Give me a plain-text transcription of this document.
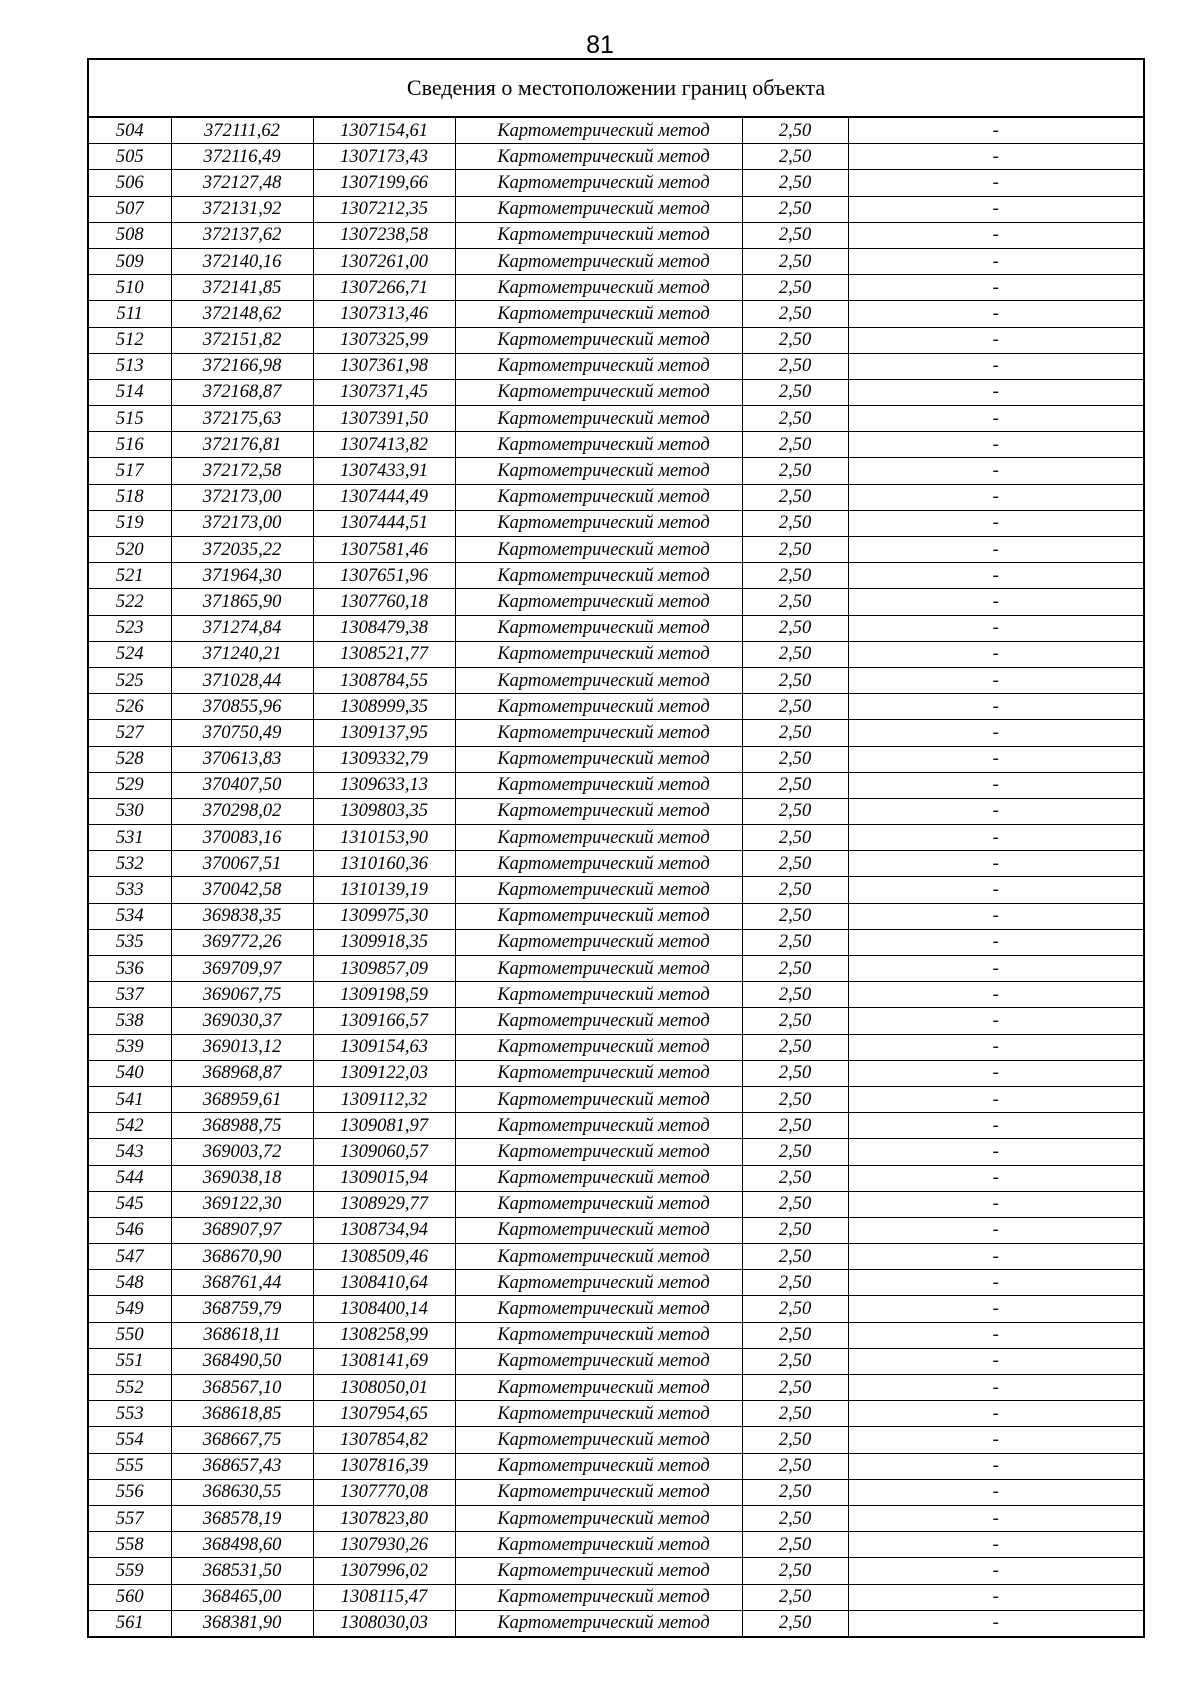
81
Сведения о местоположении границ объекта
504	372111,62	1307154,61	Картометрический метод	2,50	-
505	372116,49	1307173,43	Картометрический метод	2,50	-
506	372127,48	1307199,66	Картометрический метод	2,50	-
507	372131,92	1307212,35	Картометрический метод	2,50	-
508	372137,62	1307238,58	Картометрический метод	2,50	-
509	372140,16	1307261,00	Картометрический метод	2,50	-
510	372141,85	1307266,71	Картометрический метод	2,50	-
511	372148,62	1307313,46	Картометрический метод	2,50	-
512	372151,82	1307325,99	Картометрический метод	2,50	-
513	372166,98	1307361,98	Картометрический метод	2,50	-
514	372168,87	1307371,45	Картометрический метод	2,50	-
515	372175,63	1307391,50	Картометрический метод	2,50	-
516	372176,81	1307413,82	Картометрический метод	2,50	-
517	372172,58	1307433,91	Картометрический метод	2,50	-
518	372173,00	1307444,49	Картометрический метод	2,50	-
519	372173,00	1307444,51	Картометрический метод	2,50	-
520	372035,22	1307581,46	Картометрический метод	2,50	-
521	371964,30	1307651,96	Картометрический метод	2,50	-
522	371865,90	1307760,18	Картометрический метод	2,50	-
523	371274,84	1308479,38	Картометрический метод	2,50	-
524	371240,21	1308521,77	Картометрический метод	2,50	-
525	371028,44	1308784,55	Картометрический метод	2,50	-
526	370855,96	1308999,35	Картометрический метод	2,50	-
527	370750,49	1309137,95	Картометрический метод	2,50	-
528	370613,83	1309332,79	Картометрический метод	2,50	-
529	370407,50	1309633,13	Картометрический метод	2,50	-
530	370298,02	1309803,35	Картометрический метод	2,50	-
531	370083,16	1310153,90	Картометрический метод	2,50	-
532	370067,51	1310160,36	Картометрический метод	2,50	-
533	370042,58	1310139,19	Картометрический метод	2,50	-
534	369838,35	1309975,30	Картометрический метод	2,50	-
535	369772,26	1309918,35	Картометрический метод	2,50	-
536	369709,97	1309857,09	Картометрический метод	2,50	-
537	369067,75	1309198,59	Картометрический метод	2,50	-
538	369030,37	1309166,57	Картометрический метод	2,50	-
539	369013,12	1309154,63	Картометрический метод	2,50	-
540	368968,87	1309122,03	Картометрический метод	2,50	-
541	368959,61	1309112,32	Картометрический метод	2,50	-
542	368988,75	1309081,97	Картометрический метод	2,50	-
543	369003,72	1309060,57	Картометрический метод	2,50	-
544	369038,18	1309015,94	Картометрический метод	2,50	-
545	369122,30	1308929,77	Картометрический метод	2,50	-
546	368907,97	1308734,94	Картометрический метод	2,50	-
547	368670,90	1308509,46	Картометрический метод	2,50	-
548	368761,44	1308410,64	Картометрический метод	2,50	-
549	368759,79	1308400,14	Картометрический метод	2,50	-
550	368618,11	1308258,99	Картометрический метод	2,50	-
551	368490,50	1308141,69	Картометрический метод	2,50	-
552	368567,10	1308050,01	Картометрический метод	2,50	-
553	368618,85	1307954,65	Картометрический метод	2,50	-
554	368667,75	1307854,82	Картометрический метод	2,50	-
555	368657,43	1307816,39	Картометрический метод	2,50	-
556	368630,55	1307770,08	Картометрический метод	2,50	-
557	368578,19	1307823,80	Картометрический метод	2,50	-
558	368498,60	1307930,26	Картометрический метод	2,50	-
559	368531,50	1307996,02	Картометрический метод	2,50	-
560	368465,00	1308115,47	Картометрический метод	2,50	-
561	368381,90	1308030,03	Картометрический метод	2,50	-
